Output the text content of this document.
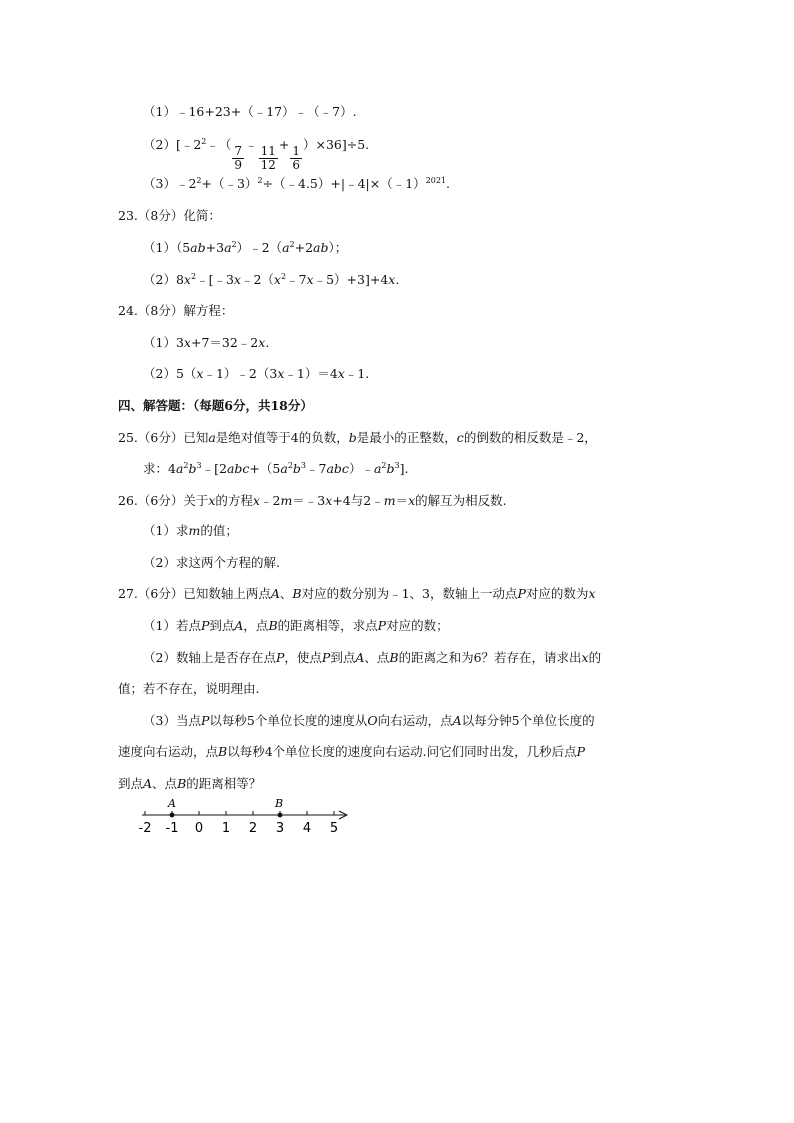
（1）﹣16+23+（﹣17）﹣（﹣7）.
$(2)[﹣2^2$ ﹣（
$\frac{7}{9}$
﹣
$\frac{11}{12}$
+
$\frac{1}{6}$
）×36]÷5.
$(3)﹣2^2$ +（﹣3）$^2$ ÷（﹣4.5）+|﹣4|×（﹣1）$^{2021}$ .
23.（8分）化简：
（1）（5 ab +3 $a^2$ ）﹣2（ $a^2 +2$ ab ）；
（2）8 $x^2$ ﹣[﹣3 x ﹣2（ $x^2$ ﹣7 x ﹣5）+3]+4 x .
24.（8分）解方程：
（1）3 x +7＝32﹣2 x .
（2）5（ x ﹣1）﹣2（3 x ﹣1）＝4 x ﹣1.
四、解答题：（每题6分，共18分）
25.（6分）已知 a 是绝对值等于4的负数， b 是最小的正整数， c 的倒数的相反数是﹣2，
求：4 $a^2$ $b^3$ ﹣[2 abc +（5 $a^2$ $b^3$ ﹣7 abc ）﹣ $a^2$ $b^3$ ].
26.（6分）关于 x 的方程 x ﹣2 m ＝﹣3 x +4与2﹣ m ＝ x 的解互为相反数.
（1）求 m 的值；
（2）求这两个方程的解.
27.（6分）已知数轴上两点 A 、 B 对应的数分别为﹣1、3，数轴上一动点 P 对应的数为 x
（1）若点 P 到点 A ，点 B 的距离相等，求点 P 对应的数；
（2）数轴上是否存在点 P ，使点 P 到点 A 、点 B 的距离之和为6？若存在，请求出 x 的
值；若不存在，说明理由.
（3）当点 P 以每秒5个单位长度的速度从 O 向右运动，点 A 以每分钟5个单位长度的
速度向右运动，点 B 以每秒4个单位长度的速度向右运动.问它们同时出发，几秒后点 P
到点 A 、点 B 的距离相等？
-2 -1 0 1 2 3 4 5
A	B
